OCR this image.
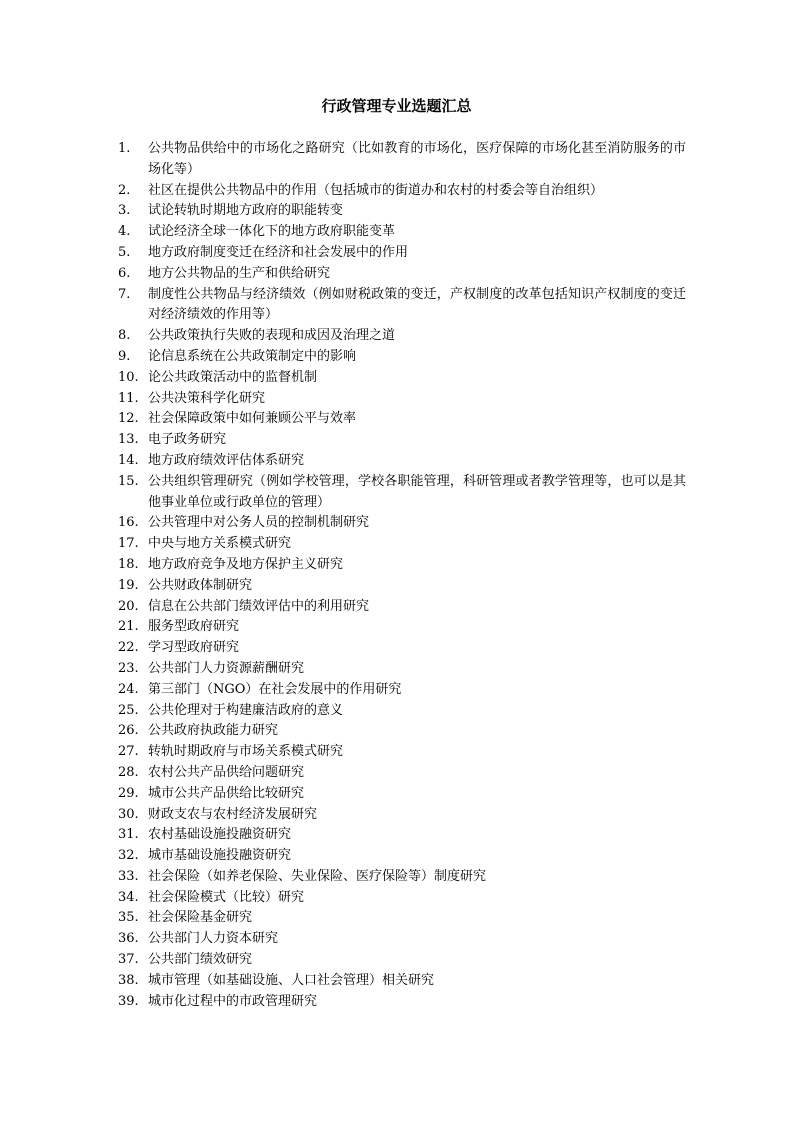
行政管理专业选题汇总
1.	公共物品供给中的市场化之路研究（比如教育的市场化，医疗保障的市场化甚至消防服务的市场化等）
2.	社区在提供公共物品中的作用（包括城市的街道办和农村的村委会等自治组织）
3.	试论转轨时期地方政府的职能转变
4.	试论经济全球一体化下的地方政府职能变革
5.	地方政府制度变迁在经济和社会发展中的作用
6.	地方公共物品的生产和供给研究
7.	制度性公共物品与经济绩效（例如财税政策的变迁，产权制度的改革包括知识产权制度的变迁对经济绩效的作用等）
8.	公共政策执行失败的表现和成因及治理之道
9.	论信息系统在公共政策制定中的影响
10. 论公共政策活动中的监督机制
11. 公共决策科学化研究
12. 社会保障政策中如何兼顾公平与效率
13. 电子政务研究
14. 地方政府绩效评估体系研究
15. 公共组织管理研究（例如学校管理，学校各职能管理，科研管理或者教学管理等，也可以是其他事业单位或行政单位的管理）
16. 公共管理中对公务人员的控制机制研究
17. 中央与地方关系模式研究
18. 地方政府竞争及地方保护主义研究
19. 公共财政体制研究
20. 信息在公共部门绩效评估中的利用研究
21. 服务型政府研究
22. 学习型政府研究
23. 公共部门人力资源薪酬研究
24. 第三部门（NGO）在社会发展中的作用研究
25. 公共伦理对于构建廉洁政府的意义
26. 公共政府执政能力研究
27. 转轨时期政府与市场关系模式研究
28. 农村公共产品供给问题研究
29. 城市公共产品供给比较研究
30. 财政支农与农村经济发展研究
31. 农村基础设施投融资研究
32. 城市基础设施投融资研究
33. 社会保险（如养老保险、失业保险、医疗保险等）制度研究
34. 社会保险模式（比较）研究
35. 社会保险基金研究
36. 公共部门人力资本研究
37. 公共部门绩效研究
38. 城市管理（如基础设施、人口社会管理）相关研究
39. 城市化过程中的市政管理研究
